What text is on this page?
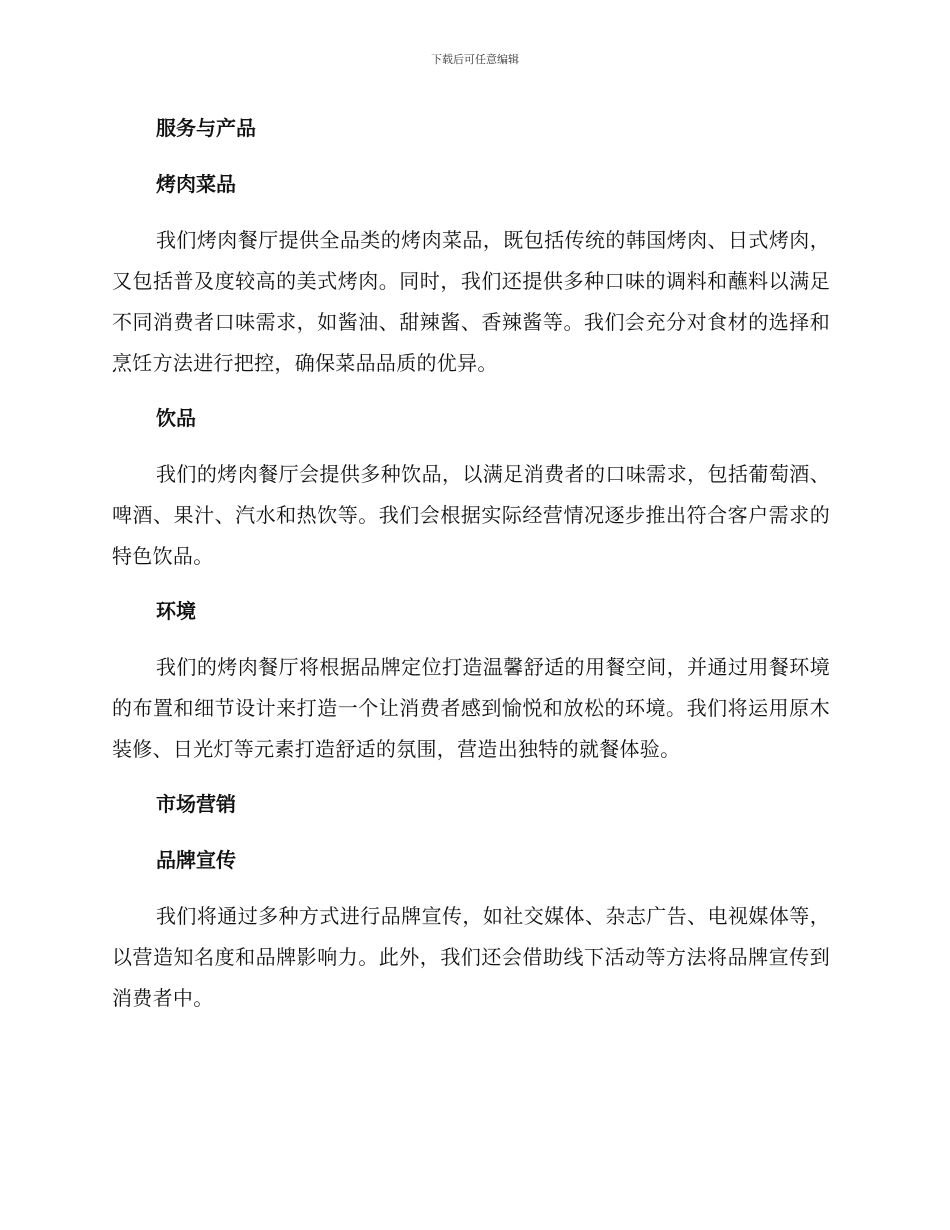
下载后可任意编辑
服务与产品
烤肉菜品

我们烤肉餐厅提供全品类的烤肉菜品，既包括传统的韩国烤肉、日式烤肉，又包括普及度较高的美式烤肉。同时，我们还提供多种口味的调料和蘸料以满足不同消费者口味需求，如酱油、甜辣酱、香辣酱等。我们会充分对食材的选择和烹饪方法进行把控，确保菜品品质的优异。

饮品

我们的烤肉餐厅会提供多种饮品，以满足消费者的口味需求，包括葡萄酒、啤酒、果汁、汽水和热饮等。我们会根据实际经营情况逐步推出符合客户需求的特色饮品。

环境

我们的烤肉餐厅将根据品牌定位打造温馨舒适的用餐空间，并通过用餐环境的布置和细节设计来打造一个让消费者感到愉悦和放松的环境。我们将运用原木装修、日光灯等元素打造舒适的氛围，营造出独特的就餐体验。

市场营销
品牌宣传

我们将通过多种方式进行品牌宣传，如社交媒体、杂志广告、电视媒体等，以营造知名度和品牌影响力。此外，我们还会借助线下活动等方法将品牌宣传到消费者中。
